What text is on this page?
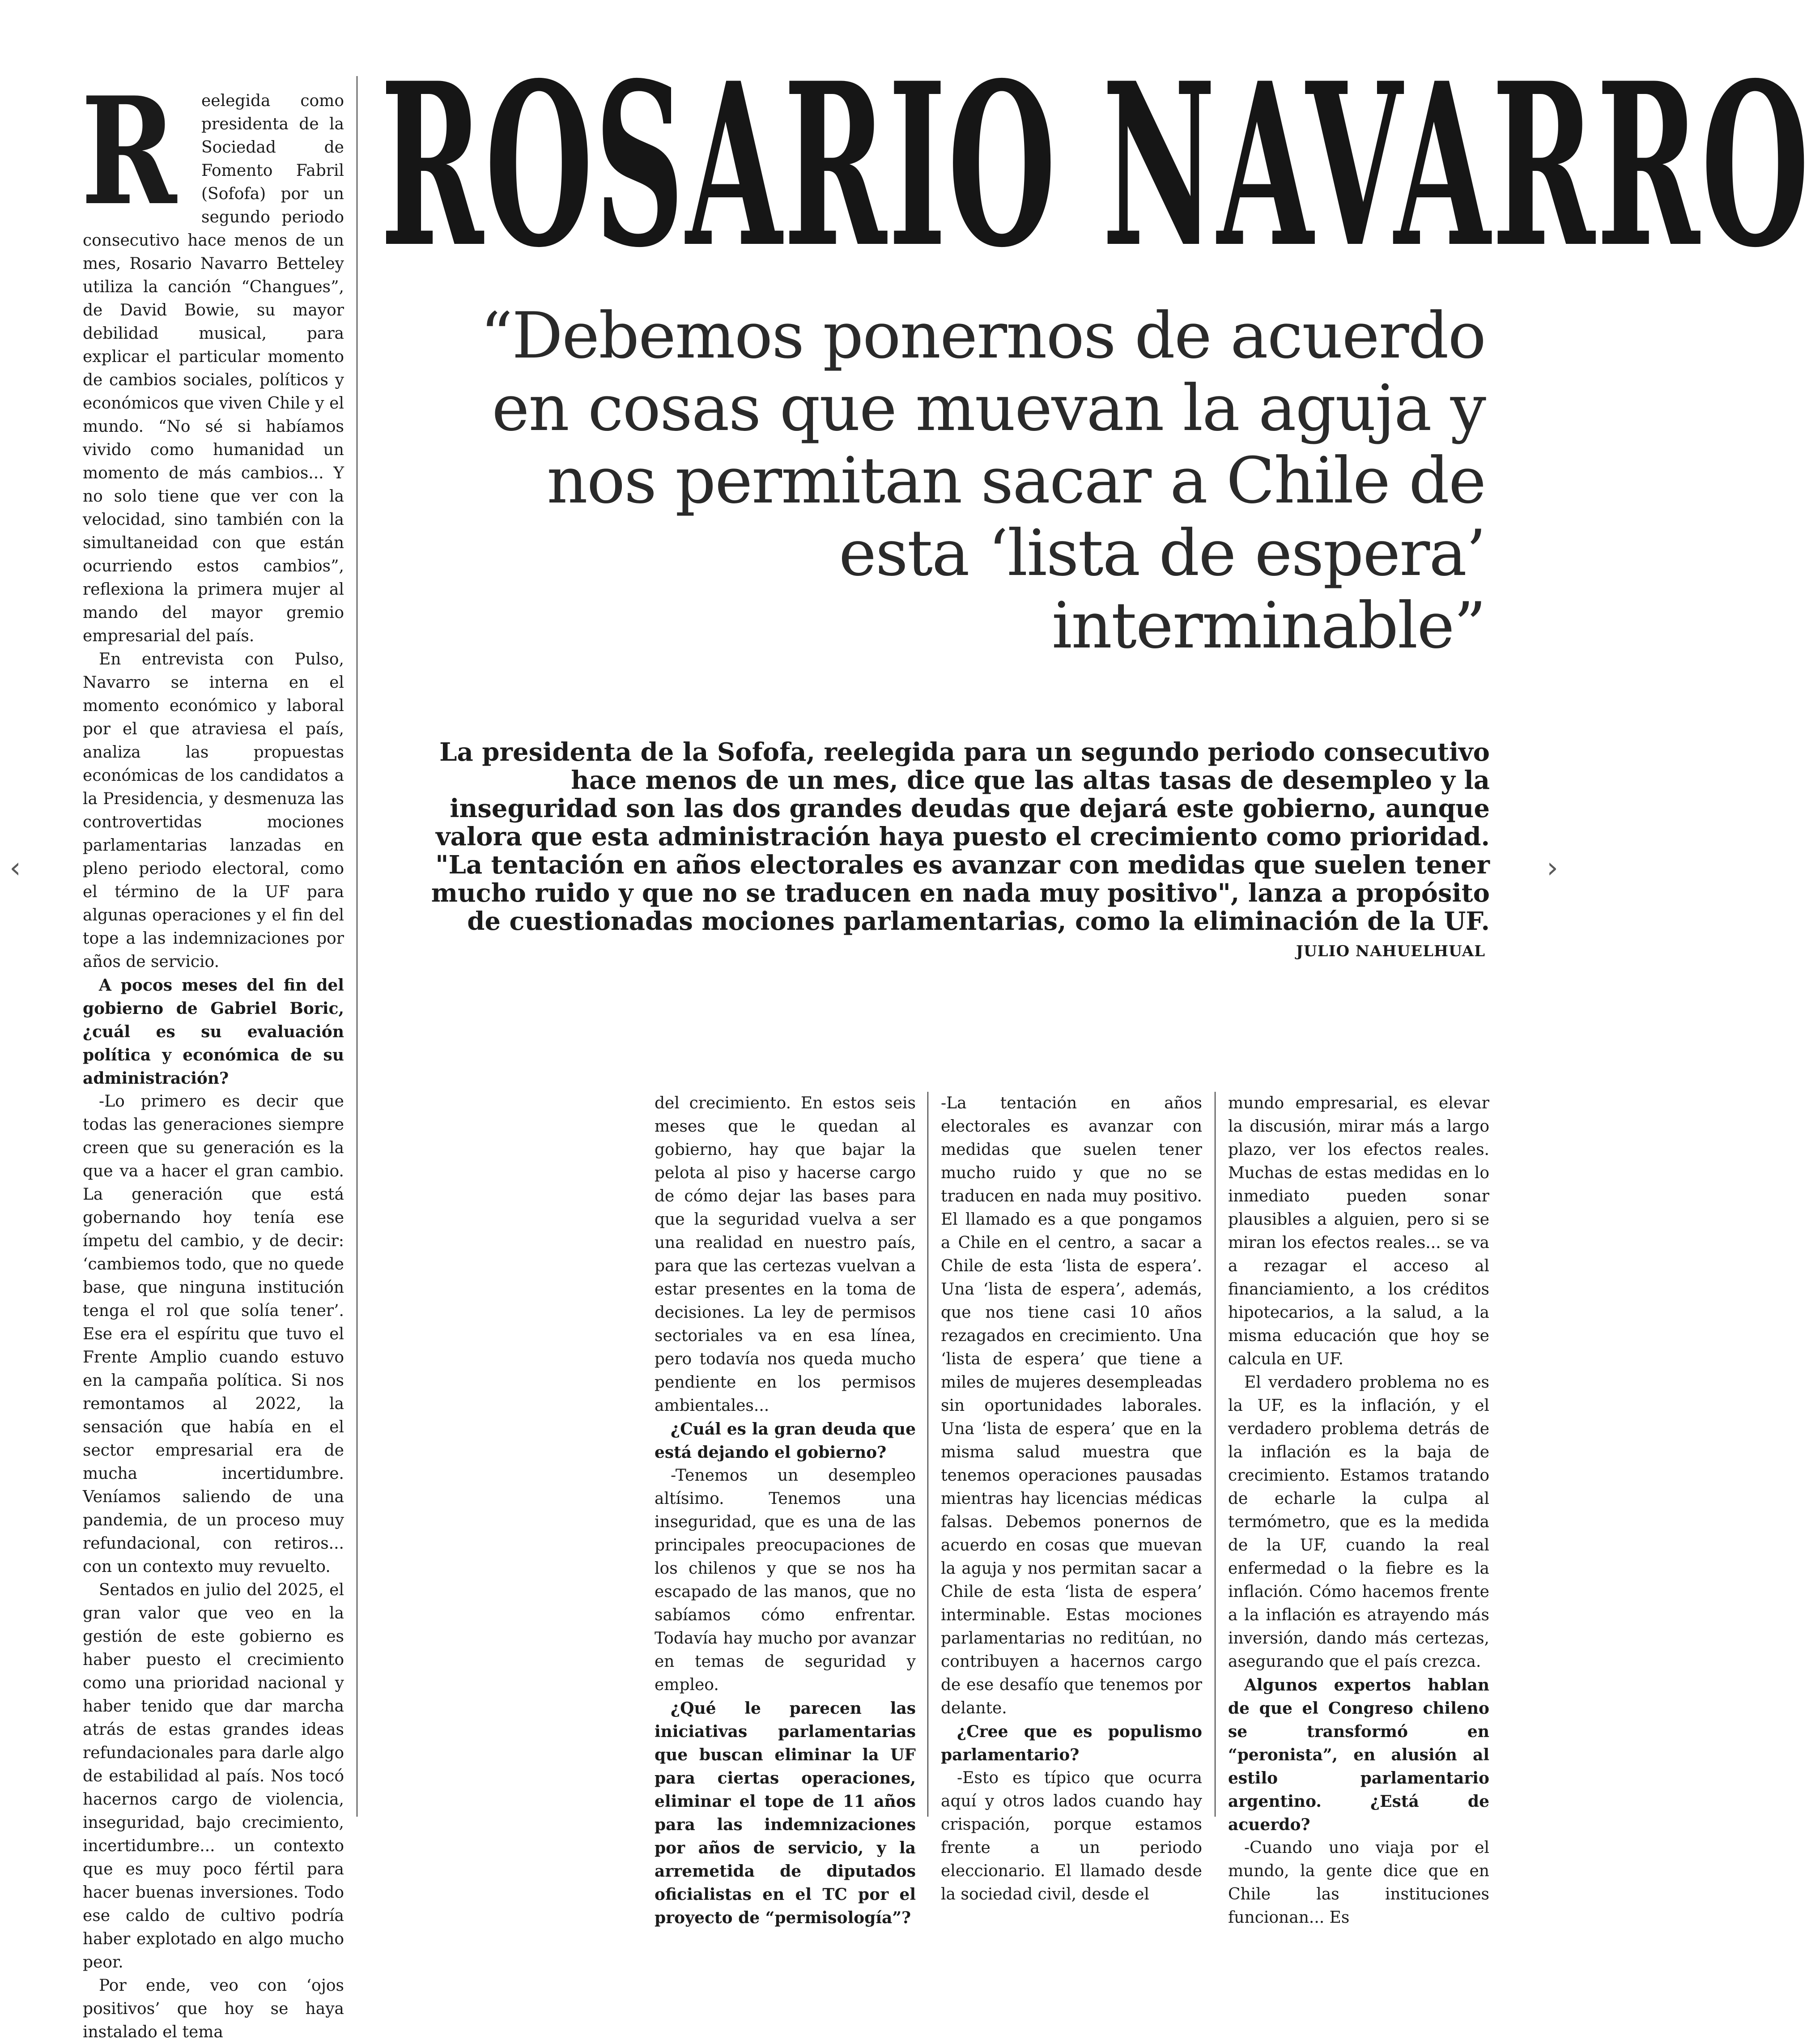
‹	›
R	eelegida como presidenta de la Sociedad de Fomento Fabril (Sofofa) por un segundo periodo consecutivo hace menos de un mes, Rosario Navarro Betteley utiliza la canción “Changues”, de David Bowie, su mayor debilidad musical, para explicar el particular momento de cambios sociales, políticos y económicos que viven Chile y el mundo. “No sé si habíamos vivido como humanidad un momento de más cambios... Y no solo tiene que ver con la velocidad, sino también con la simultaneidad con que están ocurriendo estos cambios”, reflexiona la primera mujer al mando del mayor gremio empresarial del país.

En entrevista con Pulso, Navarro se interna en el momento económico y laboral por el que atraviesa el país, analiza las propuestas económicas de los candidatos a la Presidencia, y desmenuza las controvertidas mociones parlamentarias lanzadas en pleno periodo electoral, como el término de la UF para algunas operaciones y el fin del tope a las indemnizaciones por años de servicio.

A pocos meses del fin del gobierno de Gabriel Boric, ¿cuál es su evaluación política y económica de su administración?

-Lo primero es decir que todas las generaciones siempre creen que su generación es la que va a hacer el gran cambio. La generación que está gobernando hoy tenía ese ímpetu del cambio, y de decir: ‘cambiemos todo, que no quede base, que ninguna institución tenga el rol que solía tener’. Ese era el espíritu que tuvo el Frente Amplio cuando estuvo en la campaña política. Si nos remontamos al 2022, la sensación que había en el sector empresarial era de mucha incertidumbre. Veníamos saliendo de una pandemia, de un proceso muy refundacional, con retiros... con un contexto muy revuelto.

Sentados en julio del 2025, el gran valor que veo en la gestión de este gobierno es haber puesto el crecimiento como una prioridad nacional y haber tenido que dar marcha atrás de estas grandes ideas refundacionales para darle algo de estabilidad al país. Nos tocó hacernos cargo de violencia, inseguridad, bajo crecimiento, incertidumbre... un contexto que es muy poco fértil para hacer buenas inversiones. Todo ese caldo de cultivo podría haber explotado en algo mucho peor.

Por ende, veo con ‘ojos positivos’ que hoy se haya instalado el tema

ROSARIO NAVARRO
“Debemos ponernos de acuerdo en cosas que muevan la aguja y nos permitan sacar a Chile de esta ‘lista de espera’ interminable”
La presidenta de la Sofofa, reelegida para un segundo periodo consecutivo hace menos de un mes, dice que las altas tasas de desempleo y la inseguridad son las dos grandes deudas que dejará este gobierno, aunque valora que esta administración haya puesto el crecimiento como prioridad. "La tentación en años electorales es avanzar con medidas que suelen tener mucho ruido y que no se traducen en nada muy positivo", lanza a propósito de cuestionadas mociones parlamentarias, como la eliminación de la UF.
JULIO NAHUELHUAL

del crecimiento. En estos seis meses que le quedan al gobierno, hay que bajar la pelota al piso y hacerse cargo de cómo dejar las bases para que la seguridad vuelva a ser una realidad en nuestro país, para que las certezas vuelvan a estar presentes en la toma de decisiones. La ley de permisos sectoriales va en esa línea, pero todavía nos queda mucho pendiente en los permisos ambientales...

¿Cuál es la gran deuda que está dejando el gobierno?

-Tenemos un desempleo altísimo. Tenemos una inseguridad, que es una de las principales preocupaciones de los chilenos y que se nos ha escapado de las manos, que no sabíamos cómo enfrentar. Todavía hay mucho por avanzar en temas de seguridad y empleo.

¿Qué le parecen las iniciativas parlamentarias que buscan eliminar la UF para ciertas operaciones, eliminar el tope de 11 años para las indemnizaciones por años de servicio, y la arremetida de diputados oficialistas en el TC por el proyecto de “permisología”?

-La tentación en años electorales es avanzar con medidas que suelen tener mucho ruido y que no se traducen en nada muy positivo. El llamado es a que pongamos a Chile en el centro, a sacar a Chile de esta ‘lista de espera’. Una ‘lista de espera’, además, que nos tiene casi 10 años rezagados en crecimiento. Una ‘lista de espera’ que tiene a miles de mujeres desempleadas sin oportunidades laborales. Una ‘lista de espera’ que en la misma salud muestra que tenemos operaciones pausadas mientras hay licencias médicas falsas. Debemos ponernos de acuerdo en cosas que muevan la aguja y nos permitan sacar a Chile de esta ‘lista de espera’ interminable. Estas mociones parlamentarias no reditúan, no contribuyen a hacernos cargo de ese desafío que tenemos por delante.

¿Cree que es populismo parlamentario?

-Esto es típico que ocurra aquí y otros lados cuando hay crispación, porque estamos frente a un periodo eleccionario. El llamado desde la sociedad civil, desde el

mundo empresarial, es elevar la discusión, mirar más a largo plazo, ver los efectos reales. Muchas de estas medidas en lo inmediato pueden sonar plausibles a alguien, pero si se miran los efectos reales... se va a rezagar el acceso al financiamiento, a los créditos hipotecarios, a la salud, a la misma educación que hoy se calcula en UF.

El verdadero problema no es la UF, es la inflación, y el verdadero problema detrás de la inflación es la baja de crecimiento. Estamos tratando de echarle la culpa al termómetro, que es la medida de la UF, cuando la real enfermedad o la fiebre es la inflación. Cómo hacemos frente a la inflación es atrayendo más inversión, dando más certezas, asegurando que el país crezca.

Algunos expertos hablan de que el Congreso chileno se transformó en “peronista”, en alusión al estilo parlamentario argentino. ¿Está de acuerdo?

-Cuando uno viaja por el mundo, la gente dice que en Chile las instituciones funcionan... Es
